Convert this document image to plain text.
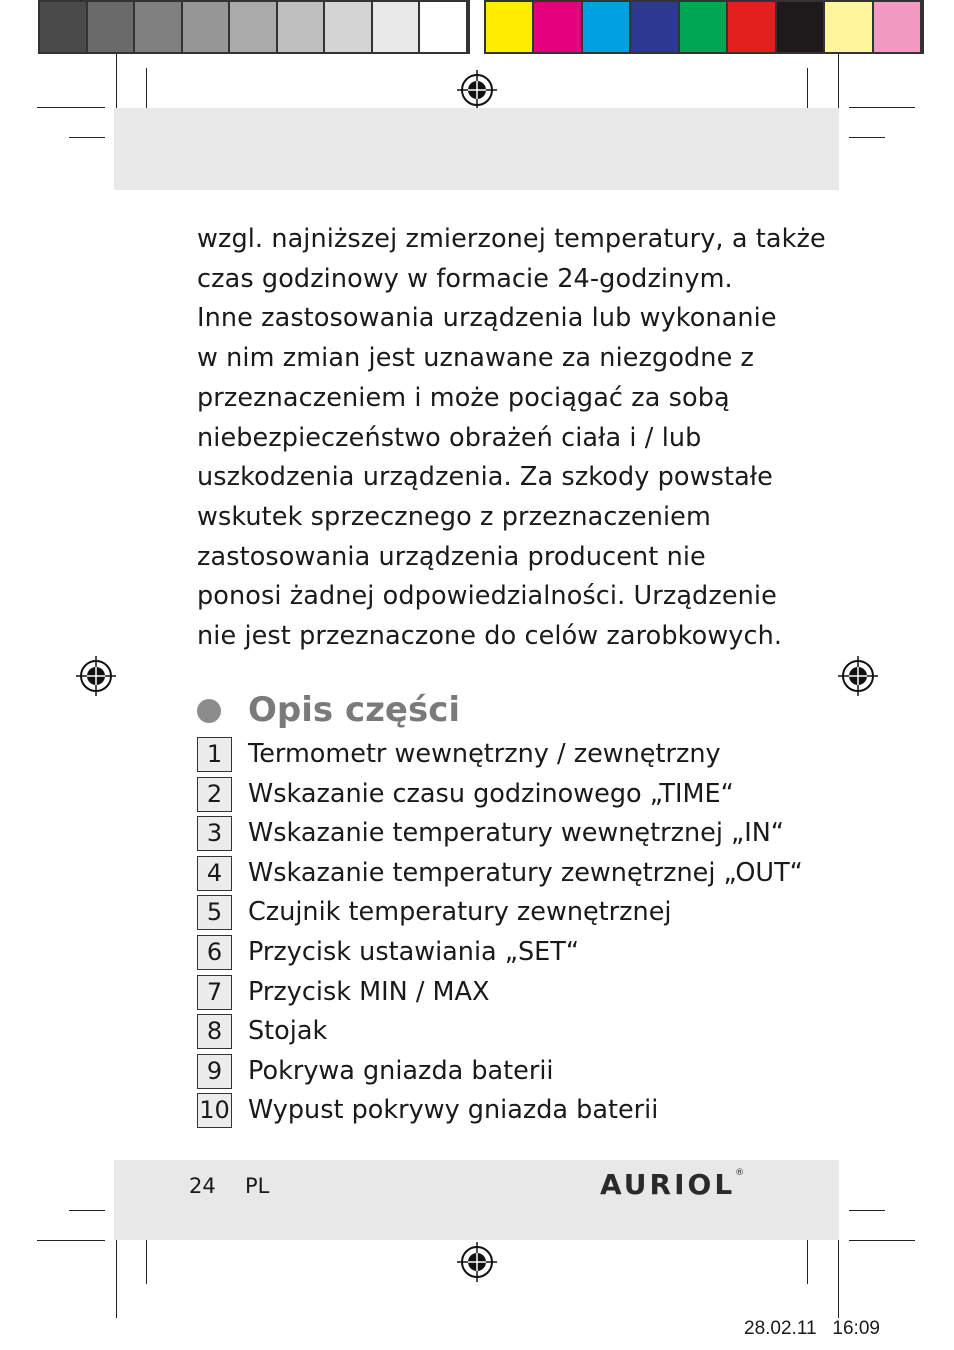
wzgl. najniższej zmierzonej temperatury, a także

czas godzinowy w formacie 24-godzinym.

Inne zastosowania urządzenia lub wykonanie

w nim zmian jest uznawane za niezgodne z

przeznaczeniem i może pociągać za sobą

niebezpieczeństwo obrażeń ciała i / lub

uszkodzenia urządzenia. Za szkody powstałe

wskutek sprzecznego z przeznaczeniem

zastosowania urządzenia producent nie

ponosi żadnej odpowiedzialności. Urządzenie

nie jest przeznaczone do celów zarobkowych.

Opis części
1	Termometr wewnętrzny / zewnętrzny
2	Wskazanie czasu godzinowego „TIME“
3	Wskazanie temperatury wewnętrznej „IN“
4	Wskazanie temperatury zewnętrznej „OUT“
5	Czujnik temperatury zewnętrznej
6	Przycisk ustawiania „SET“
7	Przycisk MIN / MAX
8	Stojak
9	Pokrywa gniazda baterii
10 Wypust pokrywy gniazda baterii
24 PL	AURIOL®
28.02.11 16:09
